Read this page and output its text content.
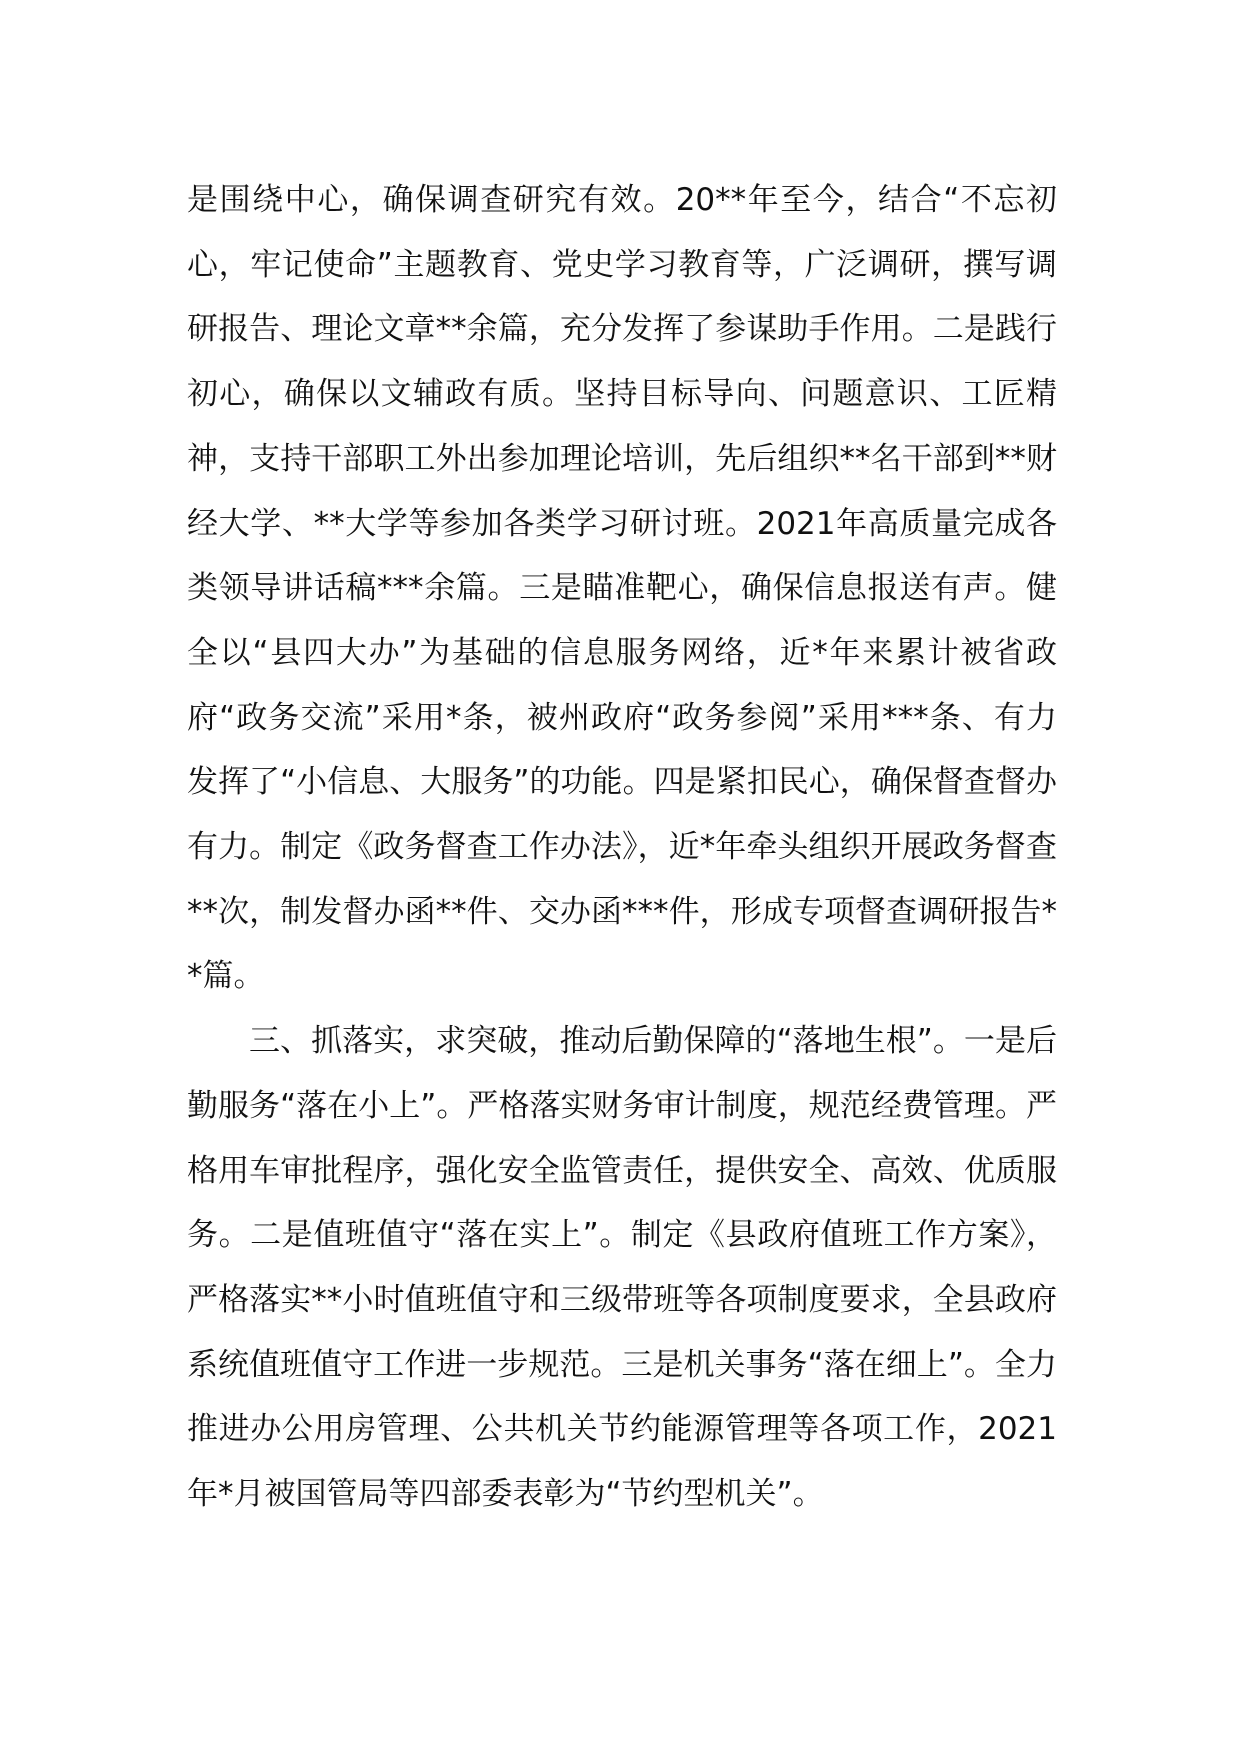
是围绕中心，确保调查研究有效。20**年至今，结合“不忘初心，牢记使命”主题教育、党史学习教育等，广泛调研，撰写调研报告、理论文章**余篇，充分发挥了参谋助手作用。二是践行初心，确保以文辅政有质。坚持目标导向、问题意识、工匠精神，支持干部职工外出参加理论培训，先后组织**名干部到**财经大学、**大学等参加各类学习研讨班。2021年高质量完成各类领导讲话稿***余篇。三是瞄准靶心，确保信息报送有声。健全以“县四大办”为基础的信息服务网络，近*年来累计被省政府“政务交流”采用*条，被州政府“政务参阅”采用***条、有力发挥了“小信息、大服务”的功能。四是紧扣民心，确保督查督办有力。制定《政务督查工作办法》，近*年牵头组织开展政务督查**次，制发督办函**件、交办函***件，形成专项督查调研报告**篇。

三、抓落实，求突破，推动后勤保障的“落地生根”。一是后勤服务“落在小上”。严格落实财务审计制度，规范经费管理。严格用车审批程序，强化安全监管责任，提供安全、高效、优质服务。二是值班值守“落在实上”。制定《县政府值班工作方案》，严格落实**小时值班值守和三级带班等各项制度要求，全县政府系统值班值守工作进一步规范。三是机关事务“落在细上”。全力推进办公用房管理、公共机关节约能源管理等各项工作，2021年*月被国管局等四部委表彰为“节约型机关”。
